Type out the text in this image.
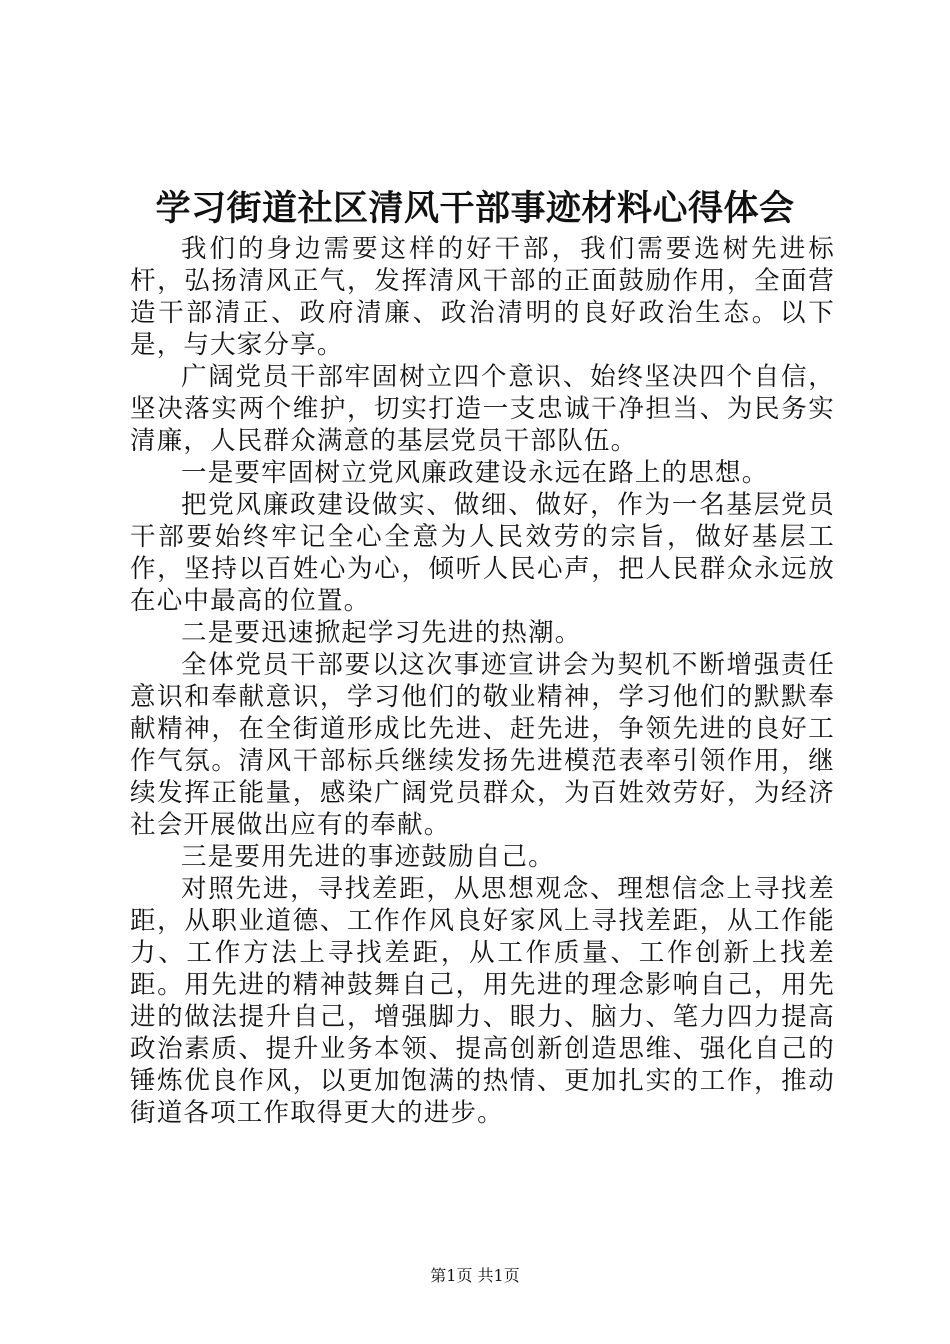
学习街道社区清风干部事迹材料心得体会

我们的身边需要这样的好干部，我们需要选树先进标杆，弘扬清风正气，发挥清风干部的正面鼓励作用，全面营造干部清正、政府清廉、政治清明的良好政治生态。以下是，与大家分享。

广阔党员干部牢固树立四个意识、始终坚决四个自信，坚决落实两个维护，切实打造一支忠诚干净担当、为民务实清廉，人民群众满意的基层党员干部队伍。

一是要牢固树立党风廉政建设永远在路上的思想。

把党风廉政建设做实、做细、做好，作为一名基层党员干部要始终牢记全心全意为人民效劳的宗旨，做好基层工作，坚持以百姓心为心，倾听人民心声，把人民群众永远放在心中最高的位置。

二是要迅速掀起学习先进的热潮。

全体党员干部要以这次事迹宣讲会为契机不断增强责任意识和奉献意识，学习他们的敬业精神，学习他们的默默奉献精神，在全街道形成比先进、赶先进，争领先进的良好工作气氛。清风干部标兵继续发扬先进模范表率引领作用，继续发挥正能量，感染广阔党员群众，为百姓效劳好，为经济社会开展做出应有的奉献。

三是要用先进的事迹鼓励自己。

对照先进，寻找差距，从思想观念、理想信念上寻找差距，从职业道德、工作作风良好家风上寻找差距，从工作能力、工作方法上寻找差距，从工作质量、工作创新上找差距。用先进的精神鼓舞自己，用先进的理念影响自己，用先进的做法提升自己，增强脚力、眼力、脑力、笔力四力提高政治素质、提升业务本领、提高创新创造思维、强化自己的锤炼优良作风，以更加饱满的热情、更加扎实的工作，推动街道各项工作取得更大的进步。

第1页 共1页
